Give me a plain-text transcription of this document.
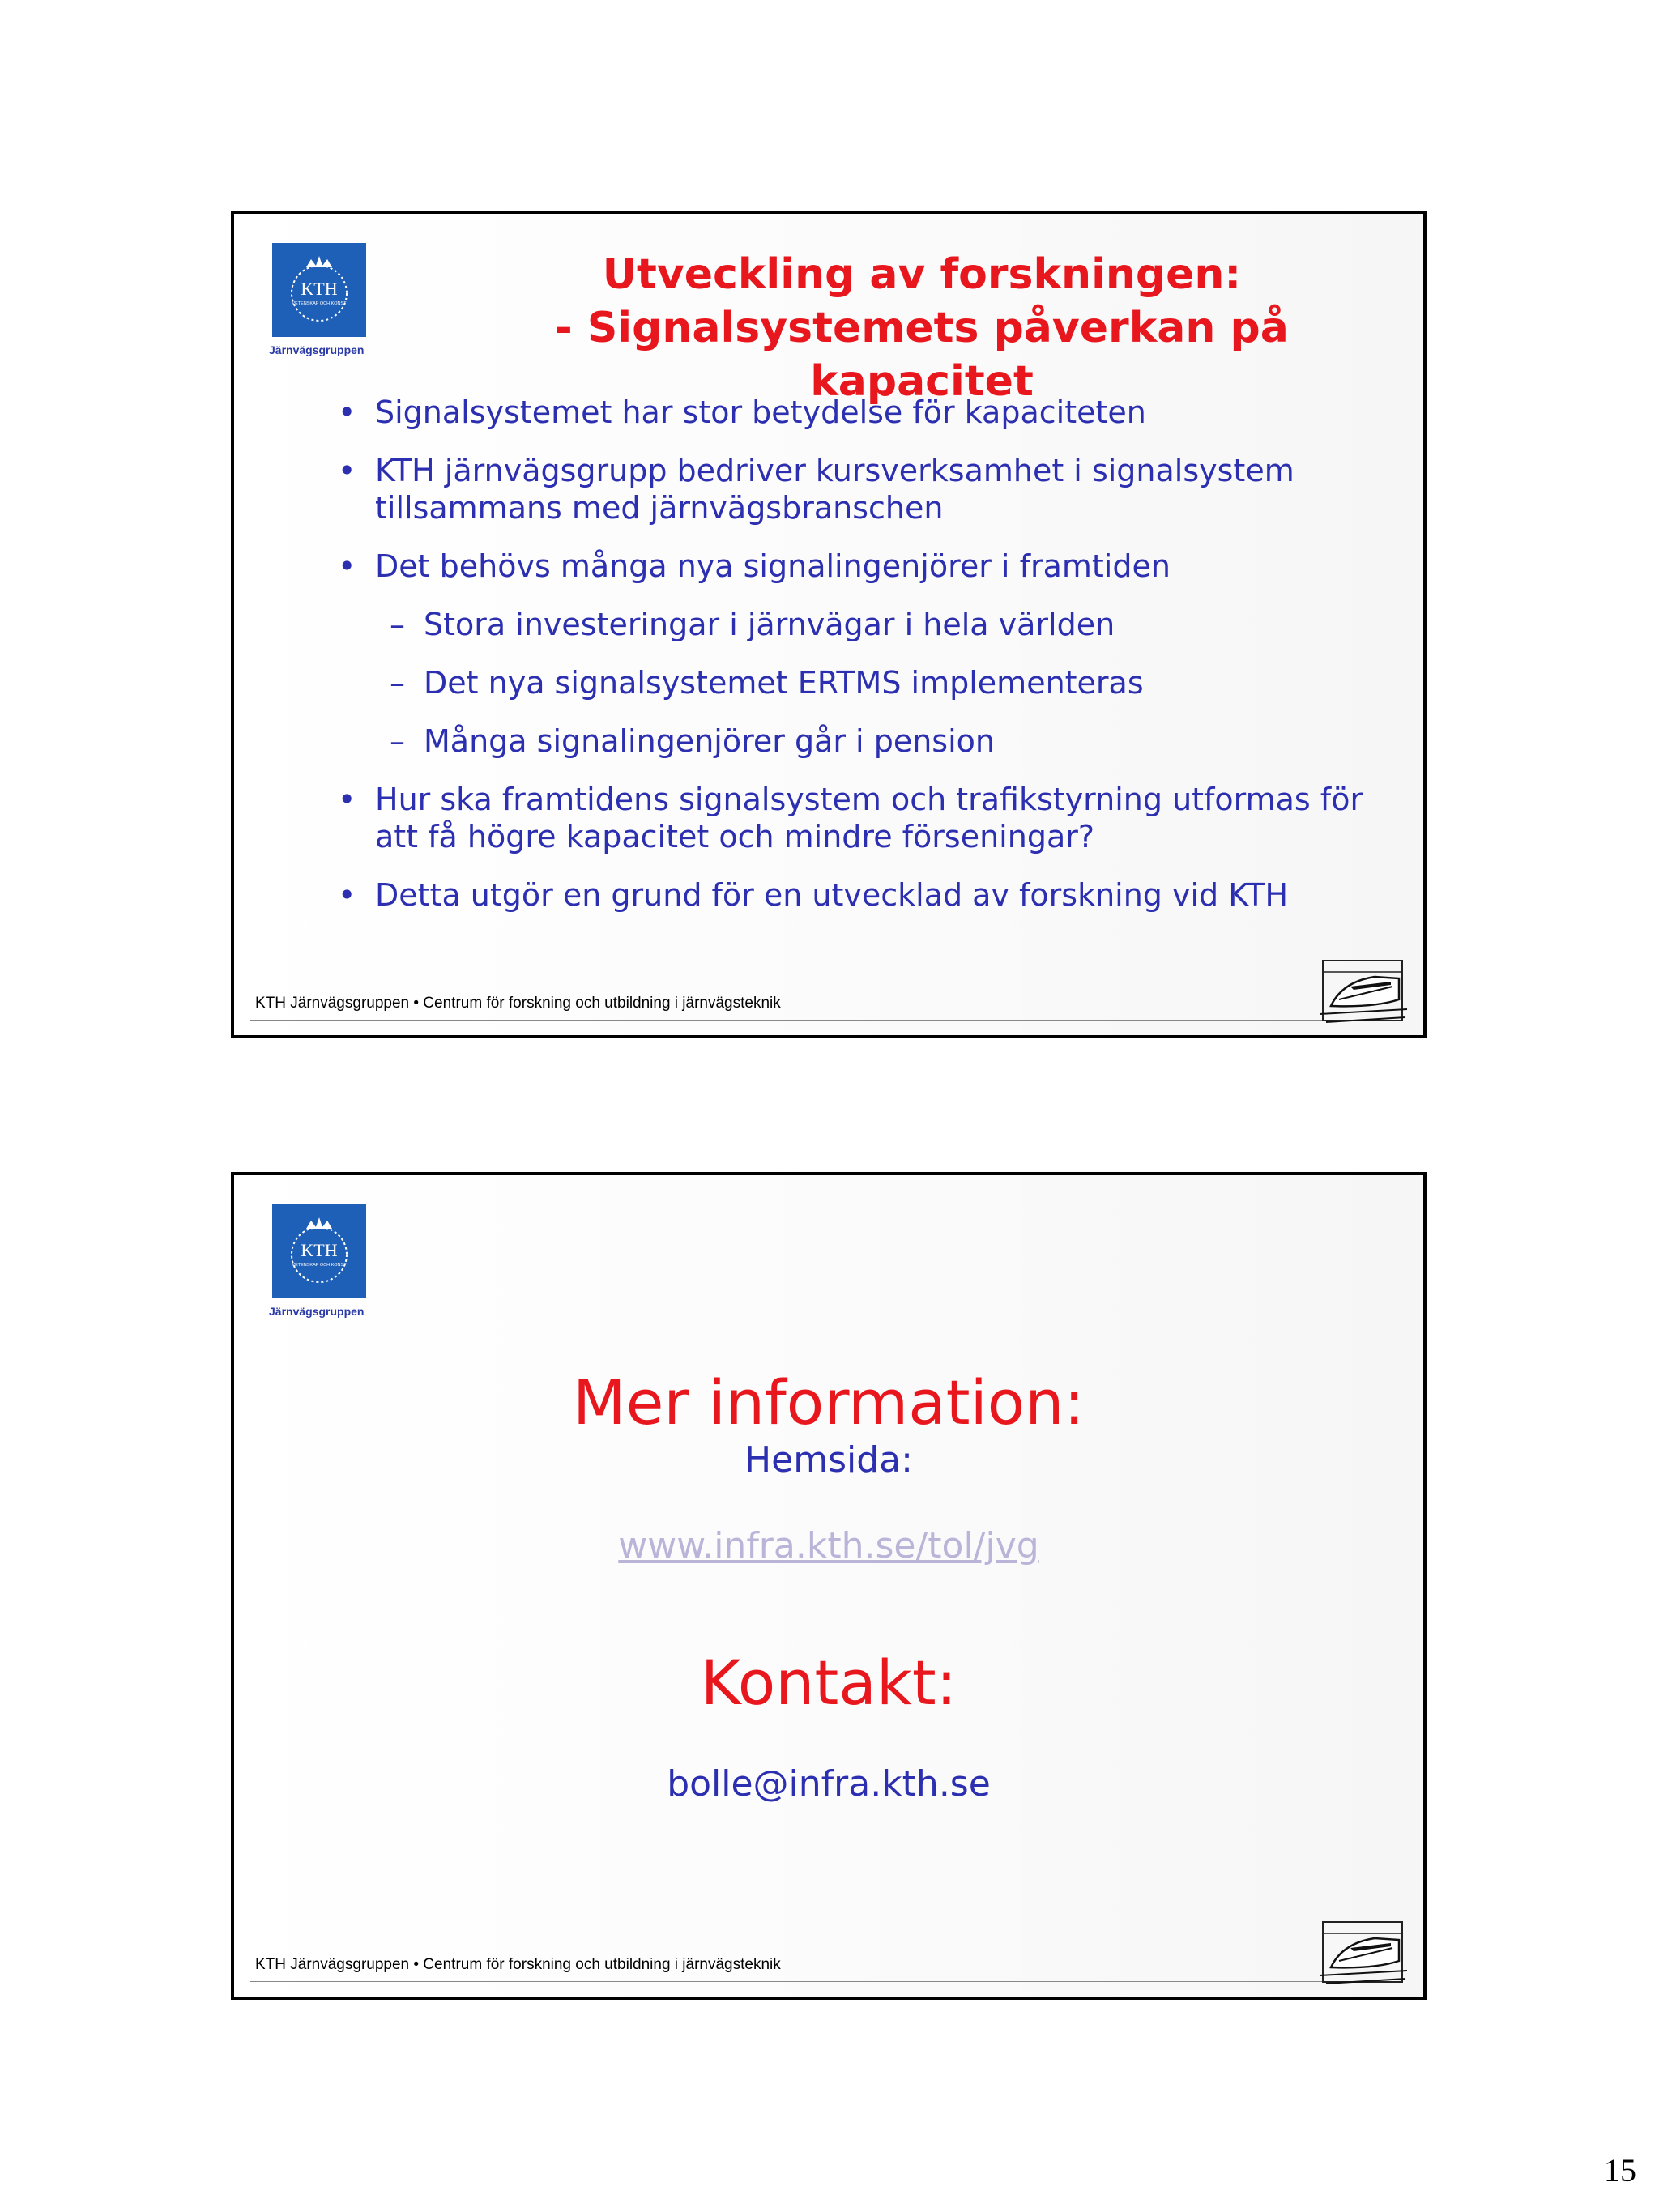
KTH
VETENSKAP OCH KONST
Järnvägsgruppen
Utveckling av forskningen:
- Signalsystemets påverkan på kapacitet
• Signalsystemet har stor betydelse för kapaciteten
• KTH järnvägsgrupp bedriver kursverksamhet i signalsystem tillsammans med järnvägsbranschen
• Det behövs många nya signalingenjörer i framtiden
– Stora investeringar i järnvägar i hela världen
– Det nya signalsystemet ERTMS implementeras
– Många signalingenjörer går i pension
• Hur ska framtidens signalsystem och trafikstyrning utformas för att få högre kapacitet och mindre förseningar?
• Detta utgör en grund för en utvecklad av forskning vid KTH
KTH Järnvägsgruppen • Centrum för forskning och utbildning i järnvägsteknik
KTH
VETENSKAP OCH KONST
Järnvägsgruppen
Mer information:
Hemsida:
www.infra.kth.se/tol/jvg
Kontakt:
bolle@infra.kth.se
KTH Järnvägsgruppen • Centrum för forskning och utbildning i järnvägsteknik
15
